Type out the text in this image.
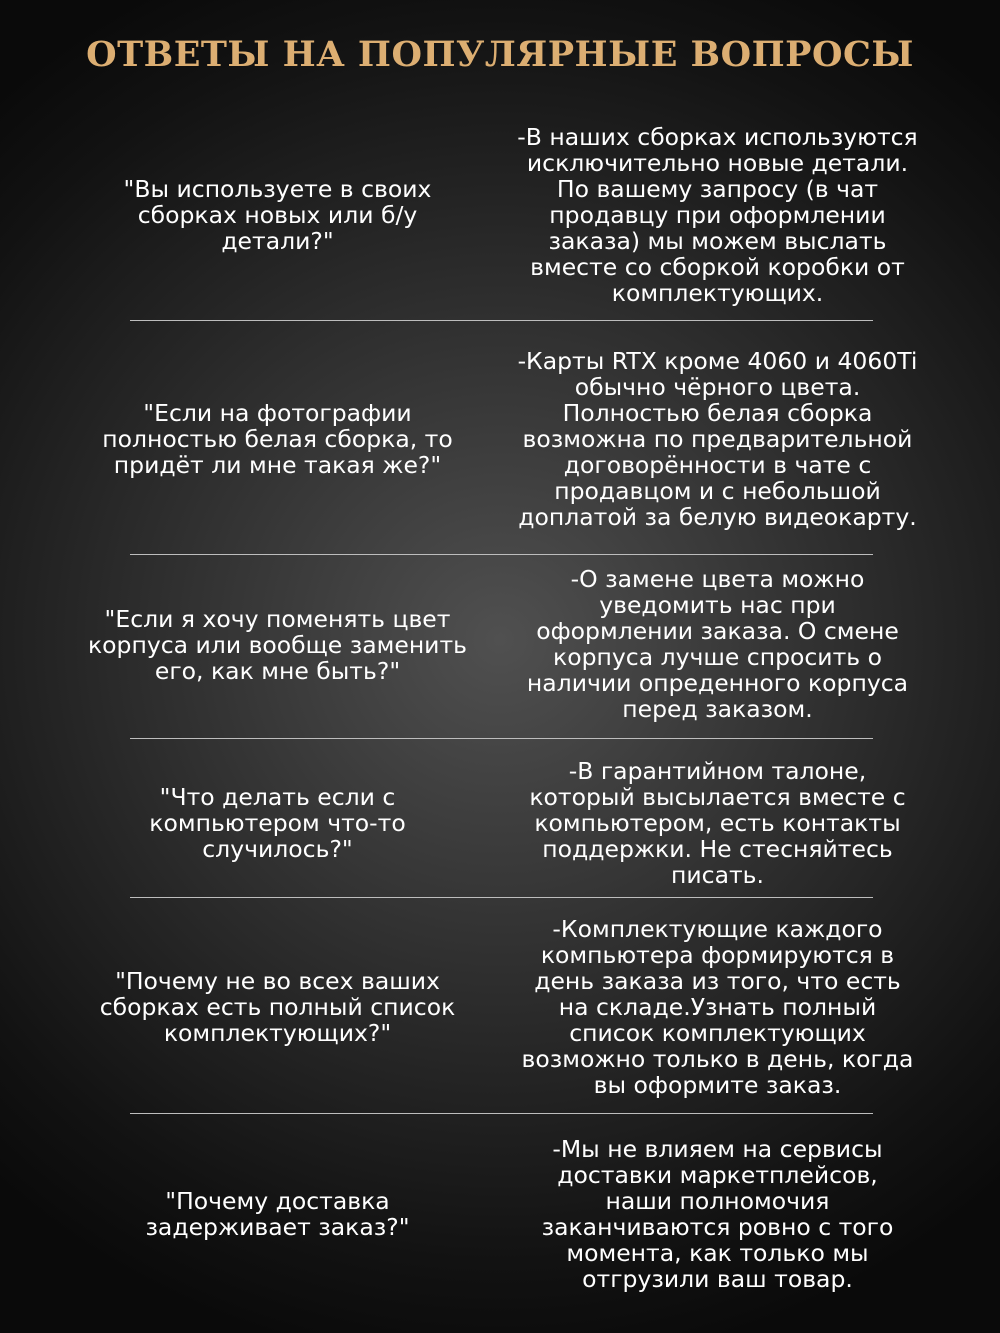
ОТВЕТЫ НА ПОПУЛЯРНЫЕ ВОПРОСЫ
"Вы используете в своих
сборках новых или б/у
детали?"
-В наших сборках используются
исключительно новые детали.
По вашему запросу (в чат
продавцу при оформлении
заказа) мы можем выслать
вместе со сборкой коробки от
комплектующих.
"Если на фотографии
полностью белая сборка, то
придёт ли мне такая же?"
-Карты RTX кроме 4060 и 4060Ti
обычно чёрного цвета.
Полностью белая сборка
возможна по предварительной
договорённости в чате с
продавцом и с небольшой
доплатой за белую видеокарту.
"Если я хочу поменять цвет
корпуса или вообще заменить
его, как мне быть?"
-О замене цвета можно
уведомить нас при
оформлении заказа. О смене
корпуса лучше спросить о
наличии опреденного корпуса
перед заказом.
"Что делать если с
компьютером что-то
случилось?"
-В гарантийном талоне,
который высылается вместе с
компьютером, есть контакты
поддержки. Не стесняйтесь
писать.
"Почему не во всех ваших
сборках есть полный список
комплектующих?"
-Комплектующие каждого
компьютера формируются в
день заказа из того, что есть
на складе.Узнать полный
список комплектующих
возможно только в день, когда
вы оформите заказ.
"Почему доставка
задерживает заказ?"
-Мы не влияем на сервисы
доставки маркетплейсов,
наши полномочия
заканчиваются ровно с того
момента, как только мы
отгрузили ваш товар.
